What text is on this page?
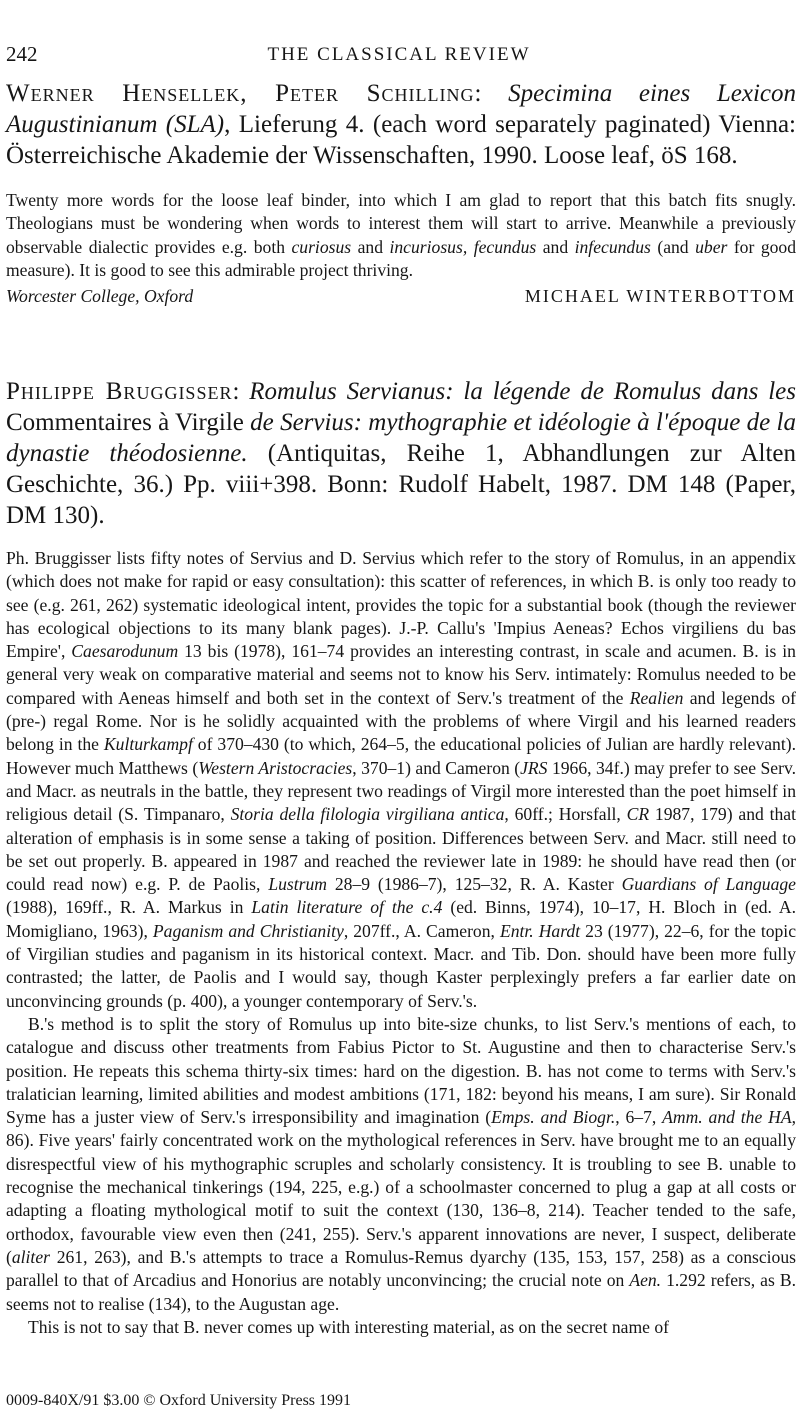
242	THE CLASSICAL REVIEW

Werner Hensellek, Peter Schilling: Specimina eines Lexicon Augustinianum (SLA), Lieferung 4. (each word separately paginated) Vienna: Österreichische Akademie der Wissenschaften, 1990. Loose leaf, öS 168.

Twenty more words for the loose leaf binder, into which I am glad to report that this batch fits snugly. Theologians must be wondering when words to interest them will start to arrive. Meanwhile a previously observable dialectic provides e.g. both curiosus and incuriosus, fecundus and infecundus (and uber for good measure). It is good to see this admirable project thriving.

Worcester College, Oxford	MICHAEL WINTERBOTTOM

Philippe Bruggisser: Romulus Servianus: la légende de Romulus dans les Commentaires à Virgile de Servius: mythographie et idéologie à l'époque de la dynastie théodosienne. (Antiquitas, Reihe 1, Abhandlungen zur Alten Geschichte, 36.) Pp. viii+398. Bonn: Rudolf Habelt, 1987. DM 148 (Paper, DM 130).

Ph. Bruggisser lists fifty notes of Servius and D. Servius which refer to the story of Romulus, in an appendix (which does not make for rapid or easy consultation): this scatter of references, in which B. is only too ready to see (e.g. 261, 262) systematic ideological intent, provides the topic for a substantial book (though the reviewer has ecological objections to its many blank pages). J.-P. Callu's 'Impius Aeneas? Echos virgiliens du bas Empire', Caesarodunum 13 bis (1978), 161–74 provides an interesting contrast, in scale and acumen. B. is in general very weak on comparative material and seems not to know his Serv. intimately: Romulus needed to be compared with Aeneas himself and both set in the context of Serv.'s treatment of the Realien and legends of (pre-) regal Rome. Nor is he solidly acquainted with the problems of where Virgil and his learned readers belong in the Kulturkampf of 370–430 (to which, 264–5, the educational policies of Julian are hardly relevant). However much Matthews (Western Aristocracies, 370–1) and Cameron (JRS 1966, 34f.) may prefer to see Serv. and Macr. as neutrals in the battle, they represent two readings of Virgil more interested than the poet himself in religious detail (S. Timpanaro, Storia della filologia virgiliana antica, 60ff.; Horsfall, CR 1987, 179) and that alteration of emphasis is in some sense a taking of position. Differences between Serv. and Macr. still need to be set out properly. B. appeared in 1987 and reached the reviewer late in 1989: he should have read then (or could read now) e.g. P. de Paolis, Lustrum 28–9 (1986–7), 125–32, R. A. Kaster Guardians of Language (1988), 169ff., R. A. Markus in Latin literature of the c.4 (ed. Binns, 1974), 10–17, H. Bloch in (ed. A. Momigliano, 1963), Paganism and Christianity, 207ff., A. Cameron, Entr. Hardt 23 (1977), 22–6, for the topic of Virgilian studies and paganism in its historical context. Macr. and Tib. Don. should have been more fully contrasted; the latter, de Paolis and I would say, though Kaster perplexingly prefers a far earlier date on unconvincing grounds (p. 400), a younger contemporary of Serv.'s.

B.'s method is to split the story of Romulus up into bite-size chunks, to list Serv.'s mentions of each, to catalogue and discuss other treatments from Fabius Pictor to St. Augustine and then to characterise Serv.'s position. He repeats this schema thirty-six times: hard on the digestion. B. has not come to terms with Serv.'s tralatician learning, limited abilities and modest ambitions (171, 182: beyond his means, I am sure). Sir Ronald Syme has a juster view of Serv.'s irresponsibility and imagination (Emps. and Biogr., 6–7, Amm. and the HA, 86). Five years' fairly concentrated work on the mythological references in Serv. have brought me to an equally disrespectful view of his mythographic scruples and scholarly consistency. It is troubling to see B. unable to recognise the mechanical tinkerings (194, 225, e.g.) of a schoolmaster concerned to plug a gap at all costs or adapting a floating mythological motif to suit the context (130, 136–8, 214). Teacher tended to the safe, orthodox, favourable view even then (241, 255). Serv.'s apparent innovations are never, I suspect, deliberate (aliter 261, 263), and B.'s attempts to trace a Romulus-Remus dyarchy (135, 153, 157, 258) as a conscious parallel to that of Arcadius and Honorius are notably unconvincing; the crucial note on Aen. 1.292 refers, as B. seems not to realise (134), to the Augustan age.

This is not to say that B. never comes up with interesting material, as on the secret name of

0009-840X/91 $3.00 © Oxford University Press 1991
